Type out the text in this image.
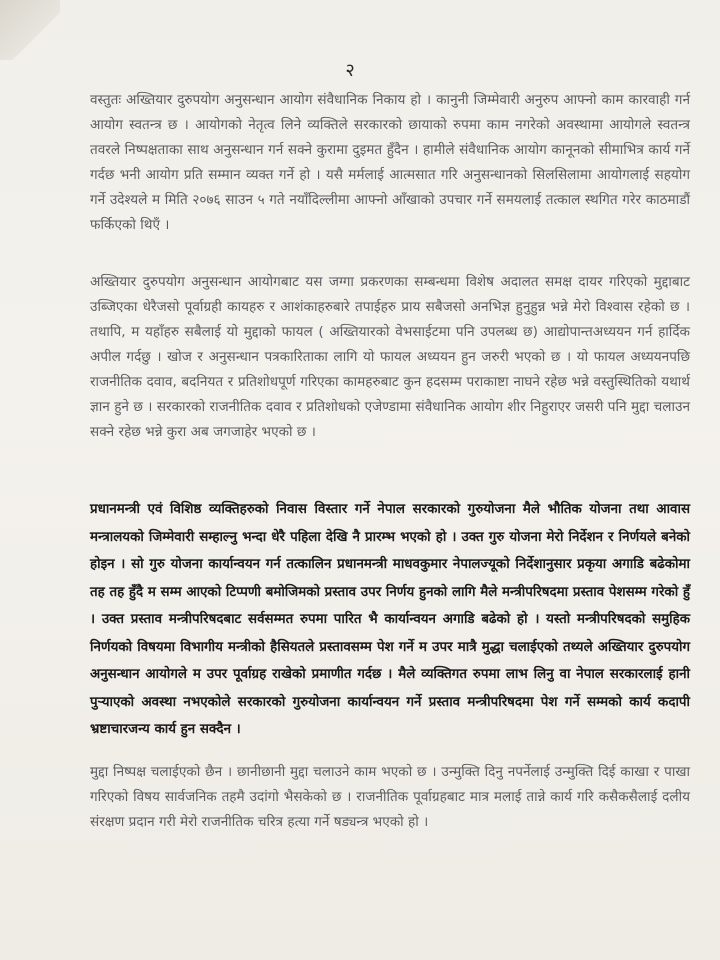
२

वस्तुतः अख्तियार दुरुपयोग अनुसन्धान आयोग संवैधानिक निकाय हो । कानुनी जिम्मेवारी अनुरुप आफ्नो काम कारवाही गर्न आयोग स्वतन्त्र छ । आयोगको नेतृत्व लिने व्यक्तिले सरकारको छायाको रुपमा काम नगरेको अवस्थामा आयोगले स्वतन्त्र तवरले निष्पक्षताका साथ अनुसन्धान गर्न सक्ने कुरामा दुइमत हुँदैन । हामीले संवैधानिक आयोग कानूनको सीमाभित्र कार्य गर्ने गर्दछ भनी आयोग प्रति सम्मान व्यक्त गर्ने हो । यसै मर्मलाई आत्मसात गरि अनुसन्धानको सिलसिलामा आयोगलाई सहयोग गर्ने उदेश्यले म मिति २०७६ साउन ५ गते नयाँदिल्लीमा आफ्नो आँखाको उपचार गर्ने समयलाई तत्काल स्थगित गरेर काठमाडौं फर्किएको थिएँ ।

अख्तियार दुरुपयोग अनुसन्धान आयोगबाट यस जग्गा प्रकरणका सम्बन्धमा विशेष अदालत समक्ष दायर गरिएको मुद्दाबाट उब्जिएका धेरैजसो पूर्वाग्रही कायहरु र आशंकाहरुबारे तपाईहरु प्राय सबैजसो अनभिज्ञ हुनुहुन्न भन्ने मेरो विश्वास रहेको छ । तथापि, म यहाँहरु सबैलाई यो मुद्दाको फायल ( अख्तियारको वेभसाईटमा पनि उपलब्ध छ) आद्योपान्तअध्ययन गर्न हार्दिक अपील गर्दछु । खोज र अनुसन्धान पत्रकारिताका लागि यो फायल अध्ययन हुन जरुरी भएको छ । यो फायल अध्ययनपछि राजनीतिक दवाव, बदनियत र प्रतिशोधपूर्ण गरिएका कामहरुबाट कुन हदसम्म पराकाष्टा नाघने रहेछ भन्ने वस्तुस्थितिको यथार्थ ज्ञान हुने छ । सरकारको राजनीतिक दवाव र प्रतिशोधको एजेण्डामा संवैधानिक आयोग शीर निहुराएर जसरी पनि मुद्दा चलाउन सक्ने रहेछ भन्ने कुरा अब जगजाहेर भएको छ ।

प्रधानमन्त्री एवं विशिष्ठ व्यक्तिहरुको निवास विस्तार गर्ने नेपाल सरकारको गुरुयोजना मैले भौतिक योजना तथा आवास मन्त्रालयको जिम्मेवारी सम्हाल्नु भन्दा धेरै पहिला देखि नै प्रारम्भ भएको हो । उक्त गुरु योजना मेरो निर्देशन र निर्णयले बनेको होइन । सो गुरु योजना कार्यान्वयन गर्न तत्कालिन प्रधानमन्त्री माधवकुमार नेपालज्यूको निर्देशानुसार प्रकृया अगाडि बढेकोमा तह तह हुँदै म सम्म आएको टिप्पणी बमोजिमको प्रस्ताव उपर निर्णय हुनको लागि मैले मन्त्रीपरिषदमा प्रस्ताव पेशसम्म गरेको हुँ । उक्त प्रस्ताव मन्त्रीपरिषदबाट सर्वसम्मत रुपमा पारित भै कार्यान्वयन अगाडि बढेको हो । यस्तो मन्त्रीपरिषदको समुहिक निर्णयको विषयमा विभागीय मन्त्रीको हैसियतले प्रस्तावसम्म पेश गर्ने म उपर मात्रै मुद्धा चलाईएको तथ्यले अख्तियार दुरुपयोग अनुसन्धान आयोगले म उपर पूर्वाग्रह राखेको प्रमाणीत गर्दछ । मैले व्यक्तिगत रुपमा लाभ लिनु वा नेपाल सरकारलाई हानी पुऱ्याएको अवस्था नभएकोले सरकारको गुरुयोजना कार्यान्वयन गर्ने प्रस्ताव मन्त्रीपरिषदमा पेश गर्ने सम्मको कार्य कदापी भ्रष्टाचारजन्य कार्य हुन सक्दैन ।

मुद्दा निष्पक्ष चलाईएको छैन । छानीछानी मुद्दा चलाउने काम भएको छ । उन्मुक्ति दिनु नपर्नेलाई उन्मुक्ति दिई काखा र पाखा गरिएको विषय सार्वजनिक तहमै उदांगो भैसकेको छ । राजनीतिक पूर्वाग्रहबाट मात्र मलाई तान्ने कार्य गरि कसैकसैलाई दलीय संरक्षण प्रदान गरी मेरो राजनीतिक चरित्र हत्या गर्ने षड्यन्त्र भएको हो ।
